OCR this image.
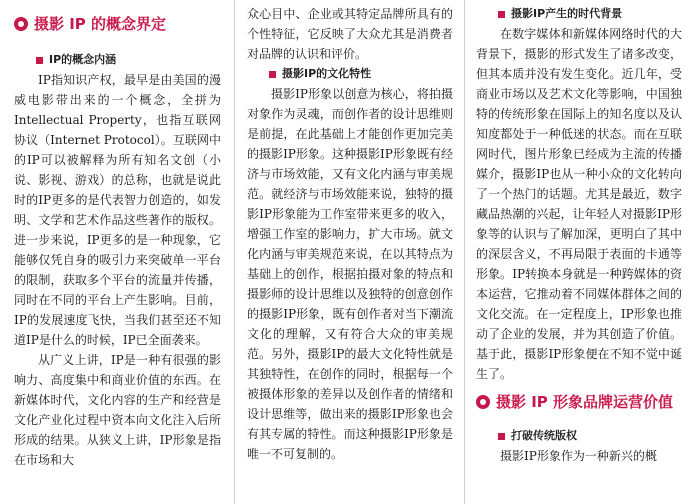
摄影 IP 的概念界定
IP的概念内涵

IP指知识产权，最早是由美国的漫威电影带出来的一个概念，全拼为Intellectual Property，也指互联网协议（Internet Protocol）。互联网中的IP可以被解释为所有知名文创（小说、影视、游戏）的总称，也就是说此时的IP更多的是代表智力创造的，如发明、文学和艺术作品这些著作的版权。进一步来说，IP更多的是一种现象，它能够仅凭自身的吸引力来突破单一平台的限制，获取多个平台的流量并传播，同时在不同的平台上产生影响。目前，IP的发展速度飞快，当我们甚至还不知道IP是什么的时候，IP已全面袭来。

从广义上讲，IP是一种有很强的影响力、高度集中和商业价值的东西。在新媒体时代，文化内容的生产和经营是文化产业化过程中资本向文化注入后所形成的结果。从狭义上讲，IP形象是指在市场和大

众心目中、企业或其特定品牌所具有的个性特征，它反映了大众尤其是消费者对品牌的认识和评价。

摄影IP的文化特性

摄影IP形象以创意为核心，将拍摄对象作为灵魂，而创作者的设计思维则是前提，在此基础上才能创作更加完美的摄影IP形象。这种摄影IP形象既有经济与市场效能，又有文化内涵与审美规范。就经济与市场效能来说，独特的摄影IP形象能为工作室带来更多的收入，增强工作室的影响力，扩大市场。就文化内涵与审美规范来说，在以其特点为基础上的创作，根据拍摄对象的特点和摄影师的设计思维以及独特的创意创作的摄影IP形象，既有创作者对当下潮流文化的理解，又有符合大众的审美规范。另外，摄影IP的最大文化特性就是其独特性，在创作的同时，根据每一个被摄体形象的差异以及创作者的情绪和设计思维等，做出来的摄影IP形象也会有其专属的特性。而这种摄影IP形象是唯一不可复制的。

摄影IP产生的时代背景

在数字媒体和新媒体网络时代的大背景下，摄影的形式发生了诸多改变，但其本质并没有发生变化。近几年，受商业市场以及艺术文化等影响，中国独特的传统形象在国际上的知名度以及认知度都处于一种低迷的状态。而在互联网时代，图片形象已经成为主流的传播媒介，摄影IP也从一种小众的文化转向了一个热门的话题。尤其是最近，数字藏品热潮的兴起，让年轻人对摄影IP形象等的认识与了解加深，更明白了其中的深层含义，不再局限于表面的卡通等形象。IP转换本身就是一种跨媒体的资本运营，它推动着不同媒体群体之间的文化交流。在一定程度上，IP形象也推动了企业的发展，并为其创造了价值。基于此，摄影IP形象便在不知不觉中诞生了。

摄影 IP 形象品牌运营价值
打破传统版权

摄影IP形象作为一种新兴的概
